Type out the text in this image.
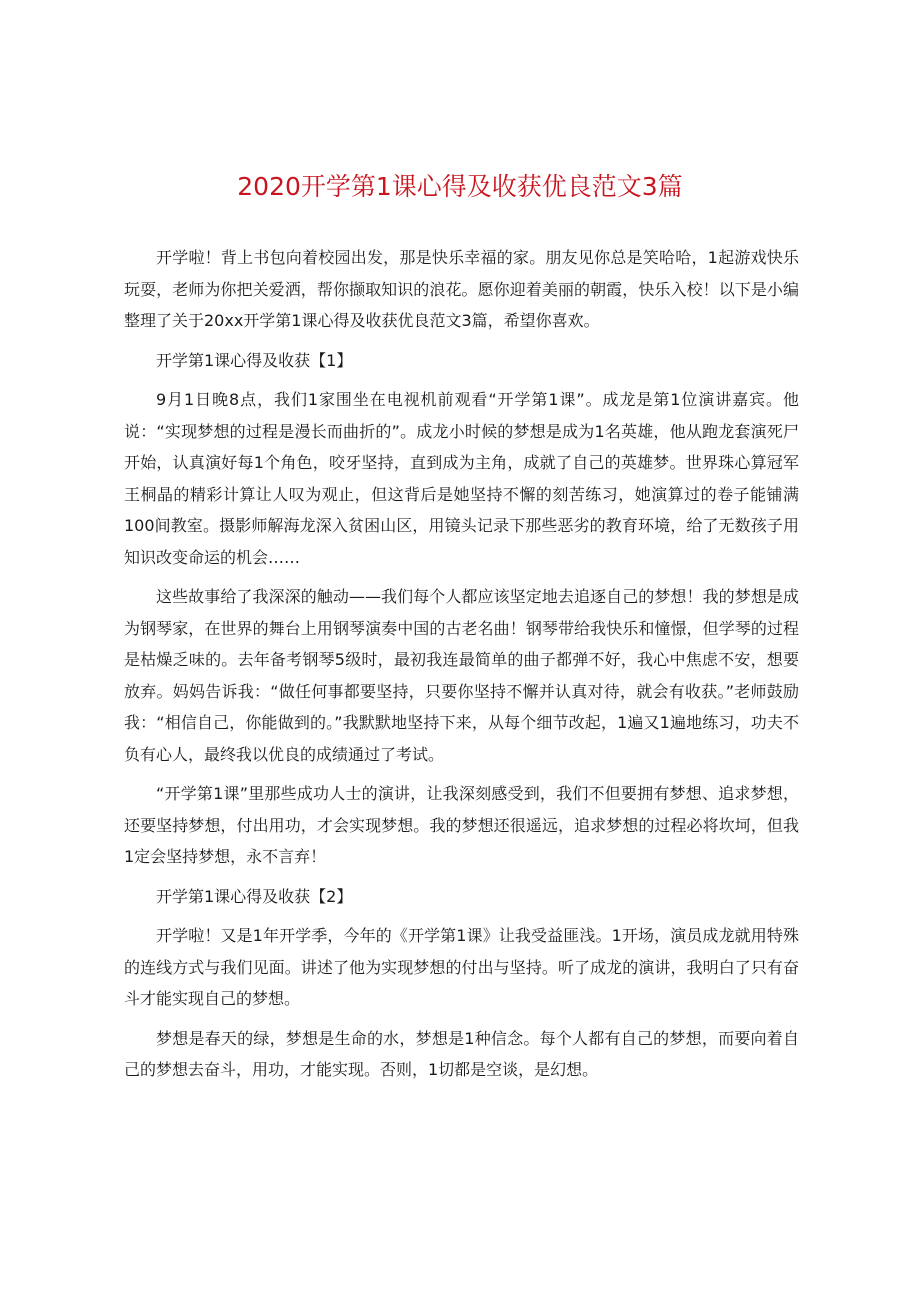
2020开学第1课心得及收获优良范文3篇

开学啦！背上书包向着校园出发，那是快乐幸福的家。朋友见你总是笑哈哈，1起游戏快乐玩耍，老师为你把关爱洒，帮你撷取知识的浪花。愿你迎着美丽的朝霞，快乐入校！以下是小编整理了关于20xx开学第1课心得及收获优良范文3篇，希望你喜欢。

开学第1课心得及收获【1】

9月1日晚8点，我们1家围坐在电视机前观看“开学第1课”。成龙是第1位演讲嘉宾。他说：“实现梦想的过程是漫长而曲折的”。成龙小时候的梦想是成为1名英雄，他从跑龙套演死尸开始，认真演好每1个角色，咬牙坚持，直到成为主角，成就了自己的英雄梦。世界珠心算冠军王桐晶的精彩计算让人叹为观止，但这背后是她坚持不懈的刻苦练习，她演算过的卷子能铺满100间教室。摄影师解海龙深入贫困山区，用镜头记录下那些恶劣的教育环境，给了无数孩子用知识改变命运的机会……

这些故事给了我深深的触动——我们每个人都应该坚定地去追逐自己的梦想！我的梦想是成为钢琴家，在世界的舞台上用钢琴演奏中国的古老名曲！钢琴带给我快乐和憧憬，但学琴的过程是枯燥乏味的。去年备考钢琴5级时，最初我连最简单的曲子都弹不好，我心中焦虑不安，想要放弃。妈妈告诉我：“做任何事都要坚持，只要你坚持不懈并认真对待，就会有收获。”老师鼓励我：“相信自己，你能做到的。”我默默地坚持下来，从每个细节改起，1遍又1遍地练习，功夫不负有心人，最终我以优良的成绩通过了考试。

“开学第1课”里那些成功人士的演讲，让我深刻感受到，我们不但要拥有梦想、追求梦想，还要坚持梦想，付出用功，才会实现梦想。我的梦想还很遥远，追求梦想的过程必将坎坷，但我1定会坚持梦想，永不言弃！

开学第1课心得及收获【2】

开学啦！又是1年开学季，今年的《开学第1课》让我受益匪浅。1开场，演员成龙就用特殊的连线方式与我们见面。讲述了他为实现梦想的付出与坚持。听了成龙的演讲，我明白了只有奋斗才能实现自己的梦想。

梦想是春天的绿，梦想是生命的水，梦想是1种信念。每个人都有自己的梦想，而要向着自己的梦想去奋斗，用功，才能实现。否则，1切都是空谈，是幻想。
